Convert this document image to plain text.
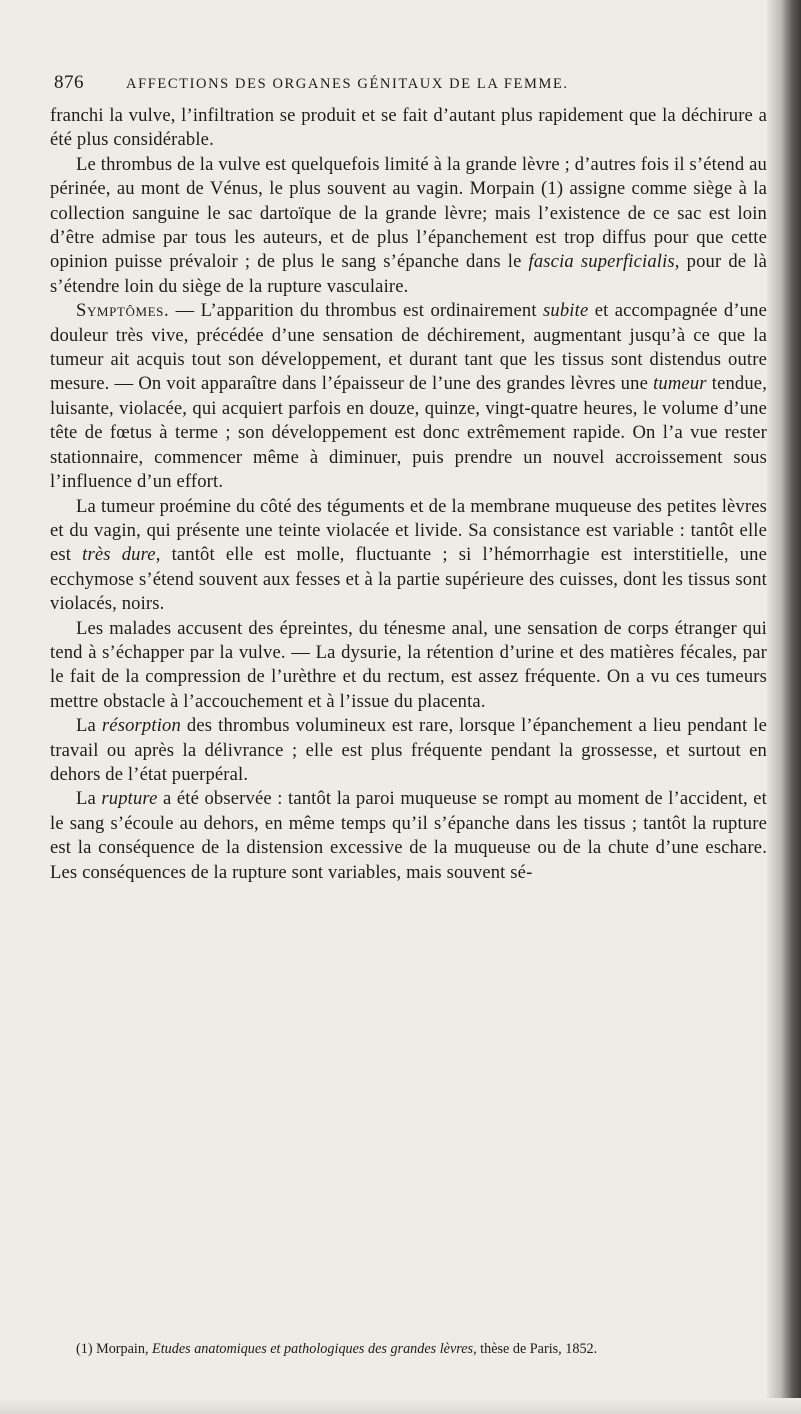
876	AFFECTIONS DES ORGANES GÉNITAUX DE LA FEMME.

franchi la vulve, l’infiltration se produit et se fait d’autant plus rapidement que la déchirure a été plus considérable.

Le thrombus de la vulve est quelquefois limité à la grande lèvre ; d’autres fois il s’étend au périnée, au mont de Vénus, le plus souvent au vagin. Morpain (1) assigne comme siège à la collection sanguine le sac dartoïque de la grande lèvre; mais l’existence de ce sac est loin d’être admise par tous les auteurs, et de plus l’épanchement est trop diffus pour que cette opinion puisse prévaloir ; de plus le sang s’épanche dans le fascia superficialis, pour de là s’étendre loin du siège de la rupture vasculaire.

Symptômes. — L’apparition du thrombus est ordinairement subite et accompagnée d’une douleur très vive, précédée d’une sensation de déchirement, augmentant jusqu’à ce que la tumeur ait acquis tout son développement, et durant tant que les tissus sont distendus outre mesure. — On voit apparaître dans l’épaisseur de l’une des grandes lèvres une tumeur tendue, luisante, violacée, qui acquiert parfois en douze, quinze, vingt-quatre heures, le volume d’une tête de fœtus à terme ; son développement est donc extrêmement rapide. On l’a vue rester stationnaire, commencer même à diminuer, puis prendre un nouvel accroissement sous l’influence d’un effort.

La tumeur proémine du côté des téguments et de la membrane muqueuse des petites lèvres et du vagin, qui présente une teinte violacée et livide. Sa consistance est variable : tantôt elle est très dure, tantôt elle est molle, fluctuante ; si l’hémorrhagie est interstitielle, une ecchymose s’étend souvent aux fesses et à la partie supérieure des cuisses, dont les tissus sont violacés, noirs.

Les malades accusent des épreintes, du ténesme anal, une sensation de corps étranger qui tend à s’échapper par la vulve. — La dysurie, la rétention d’urine et des matières fécales, par le fait de la compression de l’urèthre et du rectum, est assez fréquente. On a vu ces tumeurs mettre obstacle à l’accouchement et à l’issue du placenta.

La résorption des thrombus volumineux est rare, lorsque l’épanchement a lieu pendant le travail ou après la délivrance ; elle est plus fréquente pendant la grossesse, et surtout en dehors de l’état puerpéral.

La rupture a été observée : tantôt la paroi muqueuse se rompt au moment de l’accident, et le sang s’écoule au dehors, en même temps qu’il s’épanche dans les tissus ; tantôt la rupture est la conséquence de la distension excessive de la muqueuse ou de la chute d’une eschare. Les conséquences de la rupture sont variables, mais souvent sé-

(1) Morpain, Etudes anatomiques et pathologiques des grandes lèvres, thèse de Paris, 1852.
